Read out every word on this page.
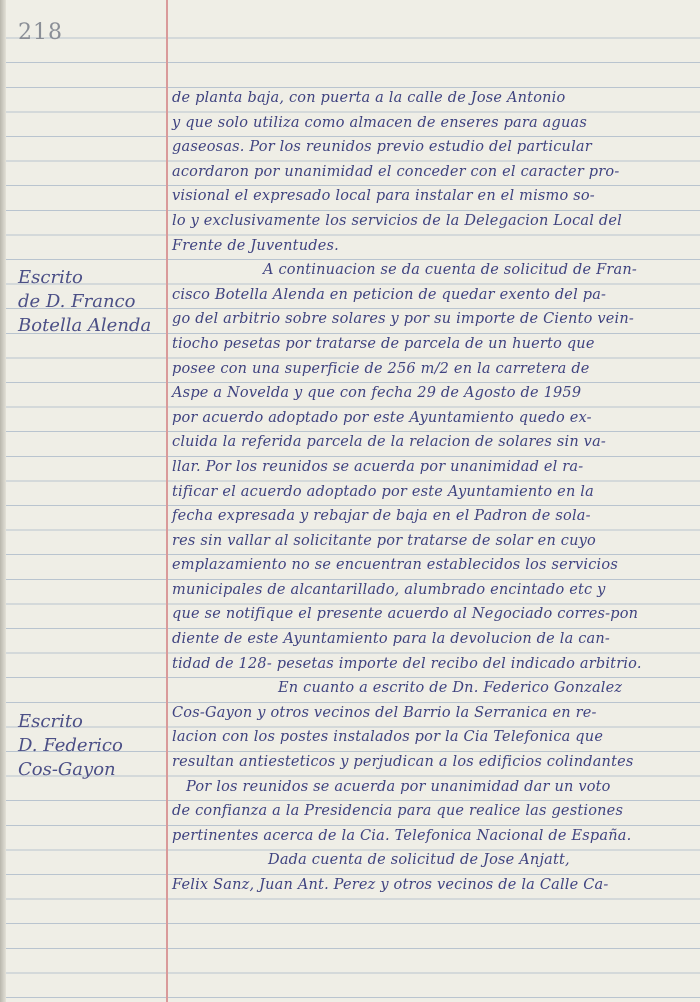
218
Escrito
de D. Franco
Botella Alenda
Escrito
D. Federico
Cos-Gayon
de planta baja, con puerta a la calle de Jose Antonio
y que solo utiliza como almacen de enseres para aguas
gaseosas. Por los reunidos previo estudio del particular
acordaron por unanimidad el conceder con el caracter pro-
visional el expresado local para instalar en el mismo so-
lo y exclusivamente los servicios de la Delegacion Local del
Frente de Juventudes.
A continuacion se da cuenta de solicitud de Fran-
cisco Botella Alenda en peticion de quedar exento del pa-
go del arbitrio sobre solares y por su importe de Ciento vein-
tiocho pesetas por tratarse de parcela de un huerto que
posee con una superficie de 256 m/2 en la carretera de
Aspe a Novelda y que con fecha 29 de Agosto de 1959
por acuerdo adoptado por este Ayuntamiento quedo ex-
cluida la referida parcela de la relacion de solares sin va-
llar. Por los reunidos se acuerda por unanimidad el ra-
tificar el acuerdo adoptado por este Ayuntamiento en la
fecha expresada y rebajar de baja en el Padron de sola-
res sin vallar al solicitante por tratarse de solar en cuyo
emplazamiento no se encuentran establecidos los servicios
municipales de alcantarillado, alumbrado encintado etc y
que se notifique el presente acuerdo al Negociado corres-pon
diente de este Ayuntamiento para la devolucion de la can-
tidad de 128- pesetas importe del recibo del indicado arbitrio.
En cuanto a escrito de Dn. Federico Gonzalez
Cos-Gayon y otros vecinos del Barrio la Serranica en re-
lacion con los postes instalados por la Cia Telefonica que
resultan antiesteticos y perjudican a los edificios colindantes
Por los reunidos se acuerda por unanimidad dar un voto
de confianza a la Presidencia para que realice las gestiones
pertinentes acerca de la Cia. Telefonica Nacional de España.
Dada cuenta de solicitud de Jose Anjatt,
Felix Sanz, Juan Ant. Perez y otros vecinos de la Calle Ca-
